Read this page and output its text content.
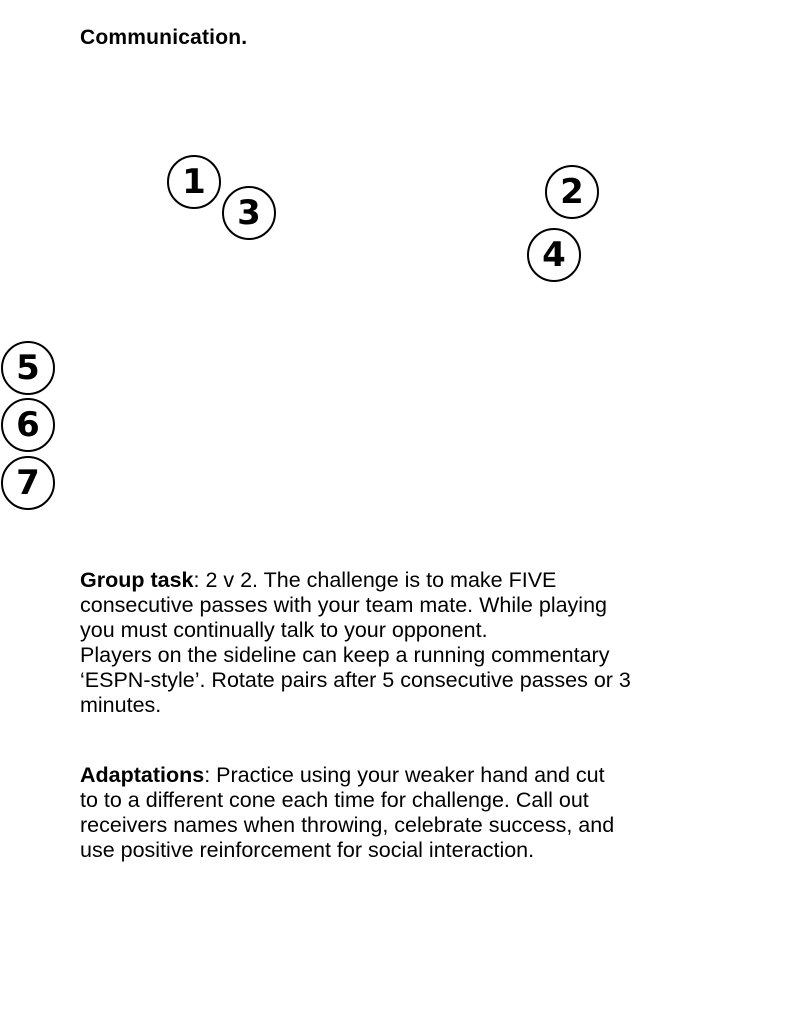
Communication.
1
3
2
4
5
6
7
Group task: 2 v 2. The challenge is to make FIVE
consecutive passes with your team mate. While playing
you must continually talk to your opponent.
Players on the sideline can keep a running commentary
‘ESPN-style’. Rotate pairs after 5 consecutive passes or 3
minutes.
Adaptations: Practice using your weaker hand and cut
to to a different cone each time for challenge. Call out
receivers names when throwing, celebrate success, and
use positive reinforcement for social interaction.
